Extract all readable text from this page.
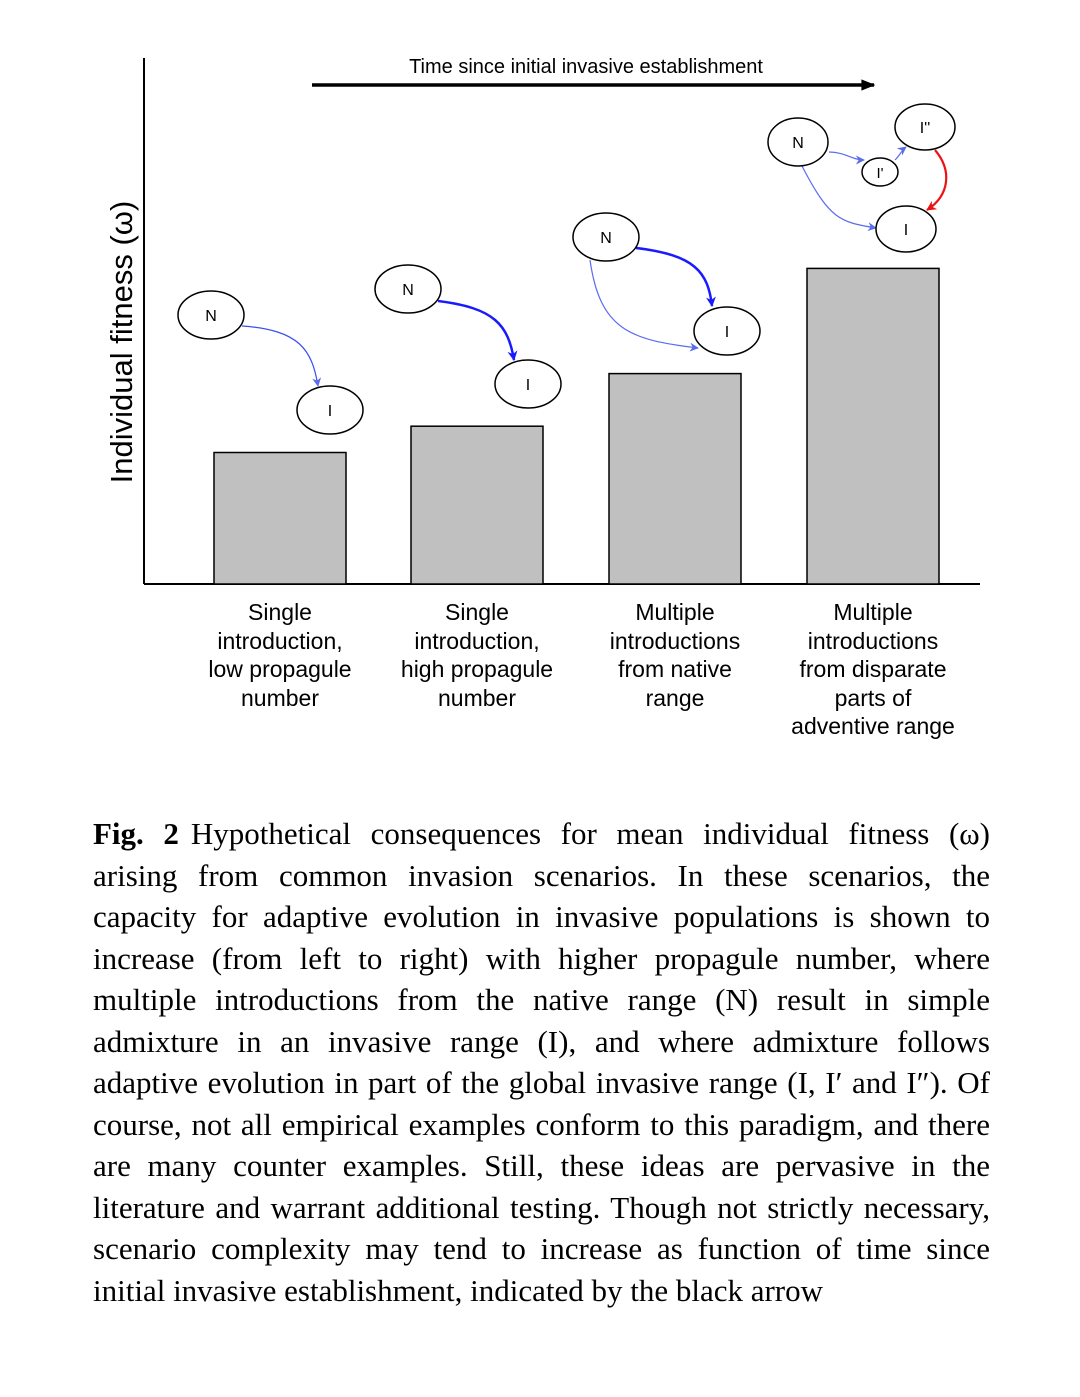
Individual fitness (ω)
Time since initial invasive establishment
N
I
N
I
N
I
N
I'
I''
I
Single
introduction,
low propagule
number
Single
introduction,
high propagule
number
Multiple
introductions
from native
range
Multiple
introductions
from disparate
parts of
adventive range

Fig. 2 Hypothetical consequences for mean individual fitness (ω) arising from common invasion scenarios. In these scenarios, the capacity for adaptive evolution in invasive populations is shown to increase (from left to right) with higher propagule number, where multiple introductions from the native range (N) result in simple admixture in an invasive range (I), and where admixture follows adaptive evolution in part of the global invasive range (I, I′ and I″). Of course, not all empirical examples conform to this paradigm, and there are many counter examples. Still, these ideas are pervasive in the literature and warrant additional testing. Though not strictly necessary, scenario complexity may tend to increase as function of time since initial invasive establishment, indicated by the black arrow
